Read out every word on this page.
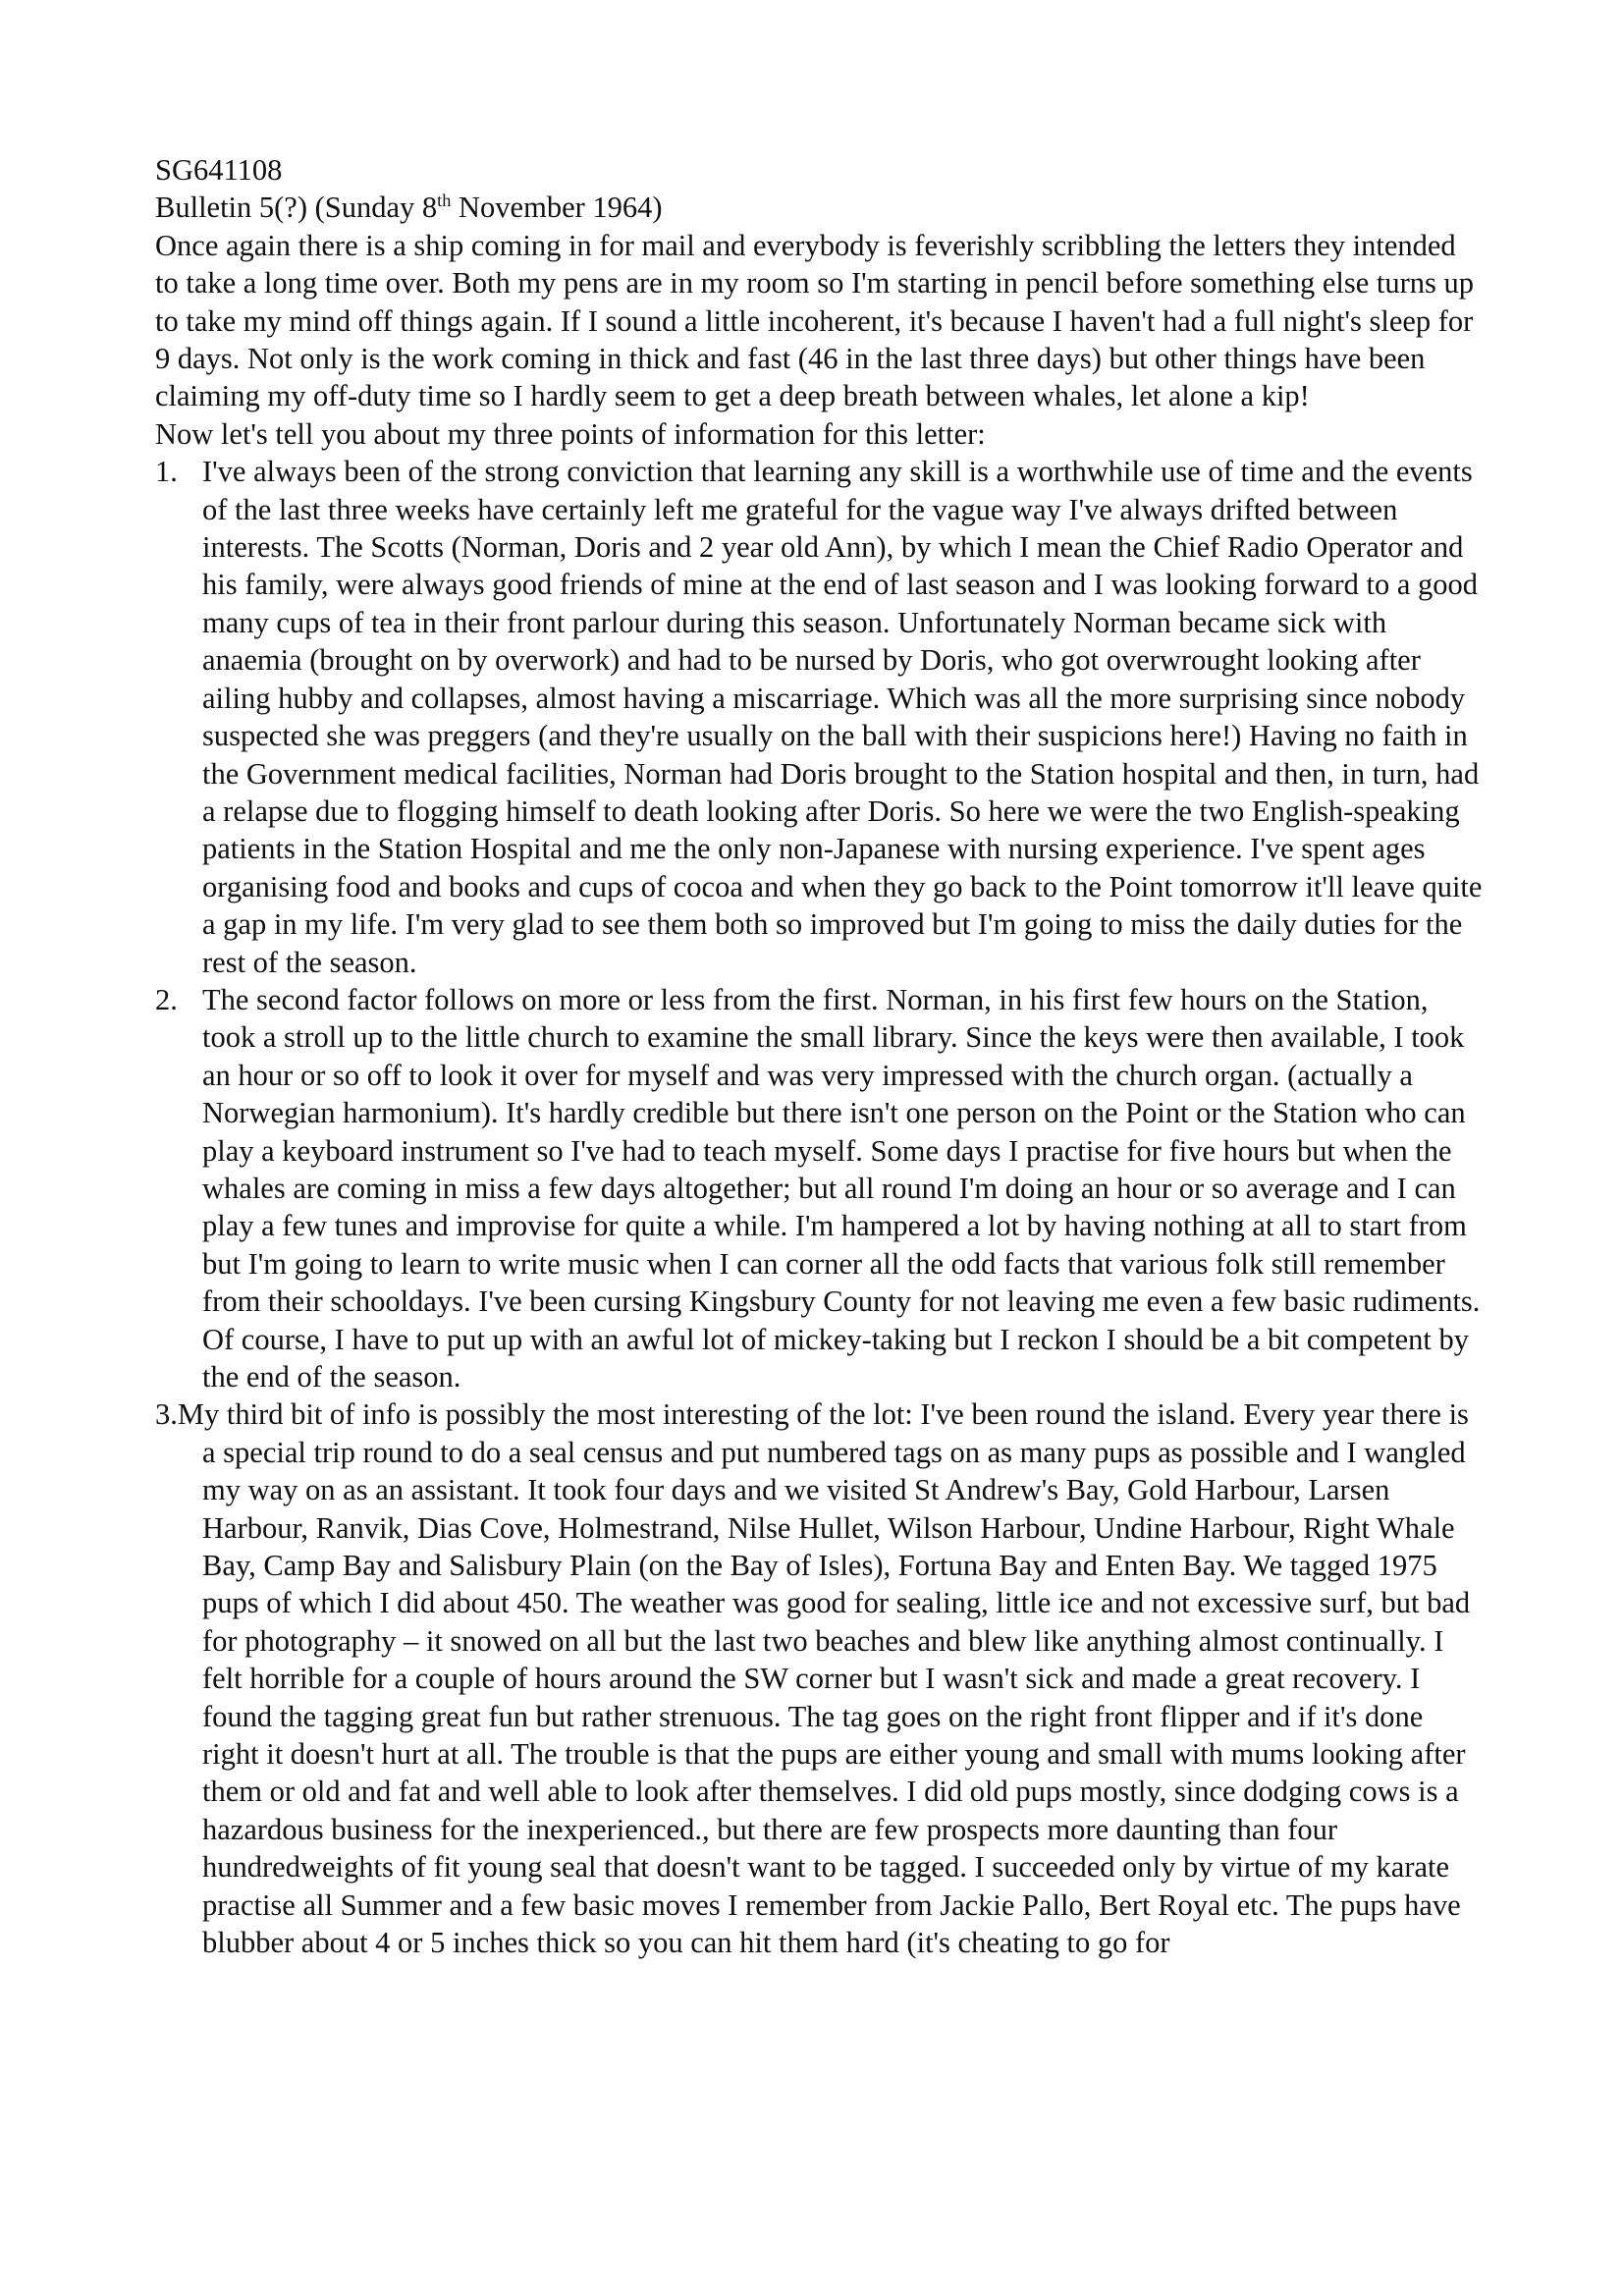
SG641108
Bulletin 5(?) (Sunday 8th November 1964)

Once again there is a ship coming in for mail and everybody is feverishly scribbling the letters they intended to take a long time over. Both my pens are in my room so I'm starting in pencil before something else turns up to take my mind off things again. If I sound a little incoherent, it's because I haven't had a full night's sleep for 9 days. Not only is the work coming in thick and fast (46 in the last three days) but other things have been claiming my off-duty time so I hardly seem to get a deep breath between whales, let alone a kip!

Now let's tell you about my three points of information for this letter:

1. I've always been of the strong conviction that learning any skill is a worthwhile use of time and the events of the last three weeks have certainly left me grateful for the vague way I've always drifted between interests. The Scotts (Norman, Doris and 2 year old Ann), by which I mean the Chief Radio Operator and his family, were always good friends of mine at the end of last season and I was looking forward to a good many cups of tea in their front parlour during this season. Unfortunately Norman became sick with anaemia (brought on by overwork) and had to be nursed by Doris, who got overwrought looking after ailing hubby and collapses, almost having a miscarriage. Which was all the more surprising since nobody suspected she was preggers (and they're usually on the ball with their suspicions here!) Having no faith in the Government medical facilities, Norman had Doris brought to the Station hospital and then, in turn, had a relapse due to flogging himself to death looking after Doris. So here we were the two English-speaking patients in the Station Hospital and me the only non-Japanese with nursing experience. I've spent ages organising food and books and cups of cocoa and when they go back to the Point tomorrow it'll leave quite a gap in my life. I'm very glad to see them both so improved but I'm going to miss the daily duties for the rest of the season.
2. The second factor follows on more or less from the first. Norman, in his first few hours on the Station, took a stroll up to the little church to examine the small library. Since the keys were then available, I took an hour or so off to look it over for myself and was very impressed with the church organ. (actually a Norwegian harmonium). It's hardly credible but there isn't one person on the Point or the Station who can play a keyboard instrument so I've had to teach myself. Some days I practise for five hours but when the whales are coming in miss a few days altogether; but all round I'm doing an hour or so average and I can play a few tunes and improvise for quite a while. I'm hampered a lot by having nothing at all to start from but I'm going to learn to write music when I can corner all the odd facts that various folk still remember from their schooldays. I've been cursing Kingsbury County for not leaving me even a few basic rudiments. Of course, I have to put up with an awful lot of mickey-taking but I reckon I should be a bit competent by the end of the season.
3.My third bit of info is possibly the most interesting of the lot: I've been round the island. Every year there is a special trip round to do a seal census and put numbered tags on as many pups as possible and I wangled my way on as an assistant. It took four days and we visited St Andrew's Bay, Gold Harbour, Larsen Harbour, Ranvik, Dias Cove, Holmestrand, Nilse Hullet, Wilson Harbour, Undine Harbour, Right Whale Bay, Camp Bay and Salisbury Plain (on the Bay of Isles), Fortuna Bay and Enten Bay. We tagged 1975 pups of which I did about 450. The weather was good for sealing, little ice and not excessive surf, but bad for photography – it snowed on all but the last two beaches and blew like anything almost continually. I felt horrible for a couple of hours around the SW corner but I wasn't sick and made a great recovery. I found the tagging great fun but rather strenuous. The tag goes on the right front flipper and if it's done right it doesn't hurt at all. The trouble is that the pups are either young and small with mums looking after them or old and fat and well able to look after themselves. I did old pups mostly, since dodging cows is a hazardous business for the inexperienced., but there are few prospects more daunting than four hundredweights of fit young seal that doesn't want to be tagged. I succeeded only by virtue of my karate practise all Summer and a few basic moves I remember from Jackie Pallo, Bert Royal etc. The pups have blubber about 4 or 5 inches thick so you can hit them hard (it's cheating to go for
